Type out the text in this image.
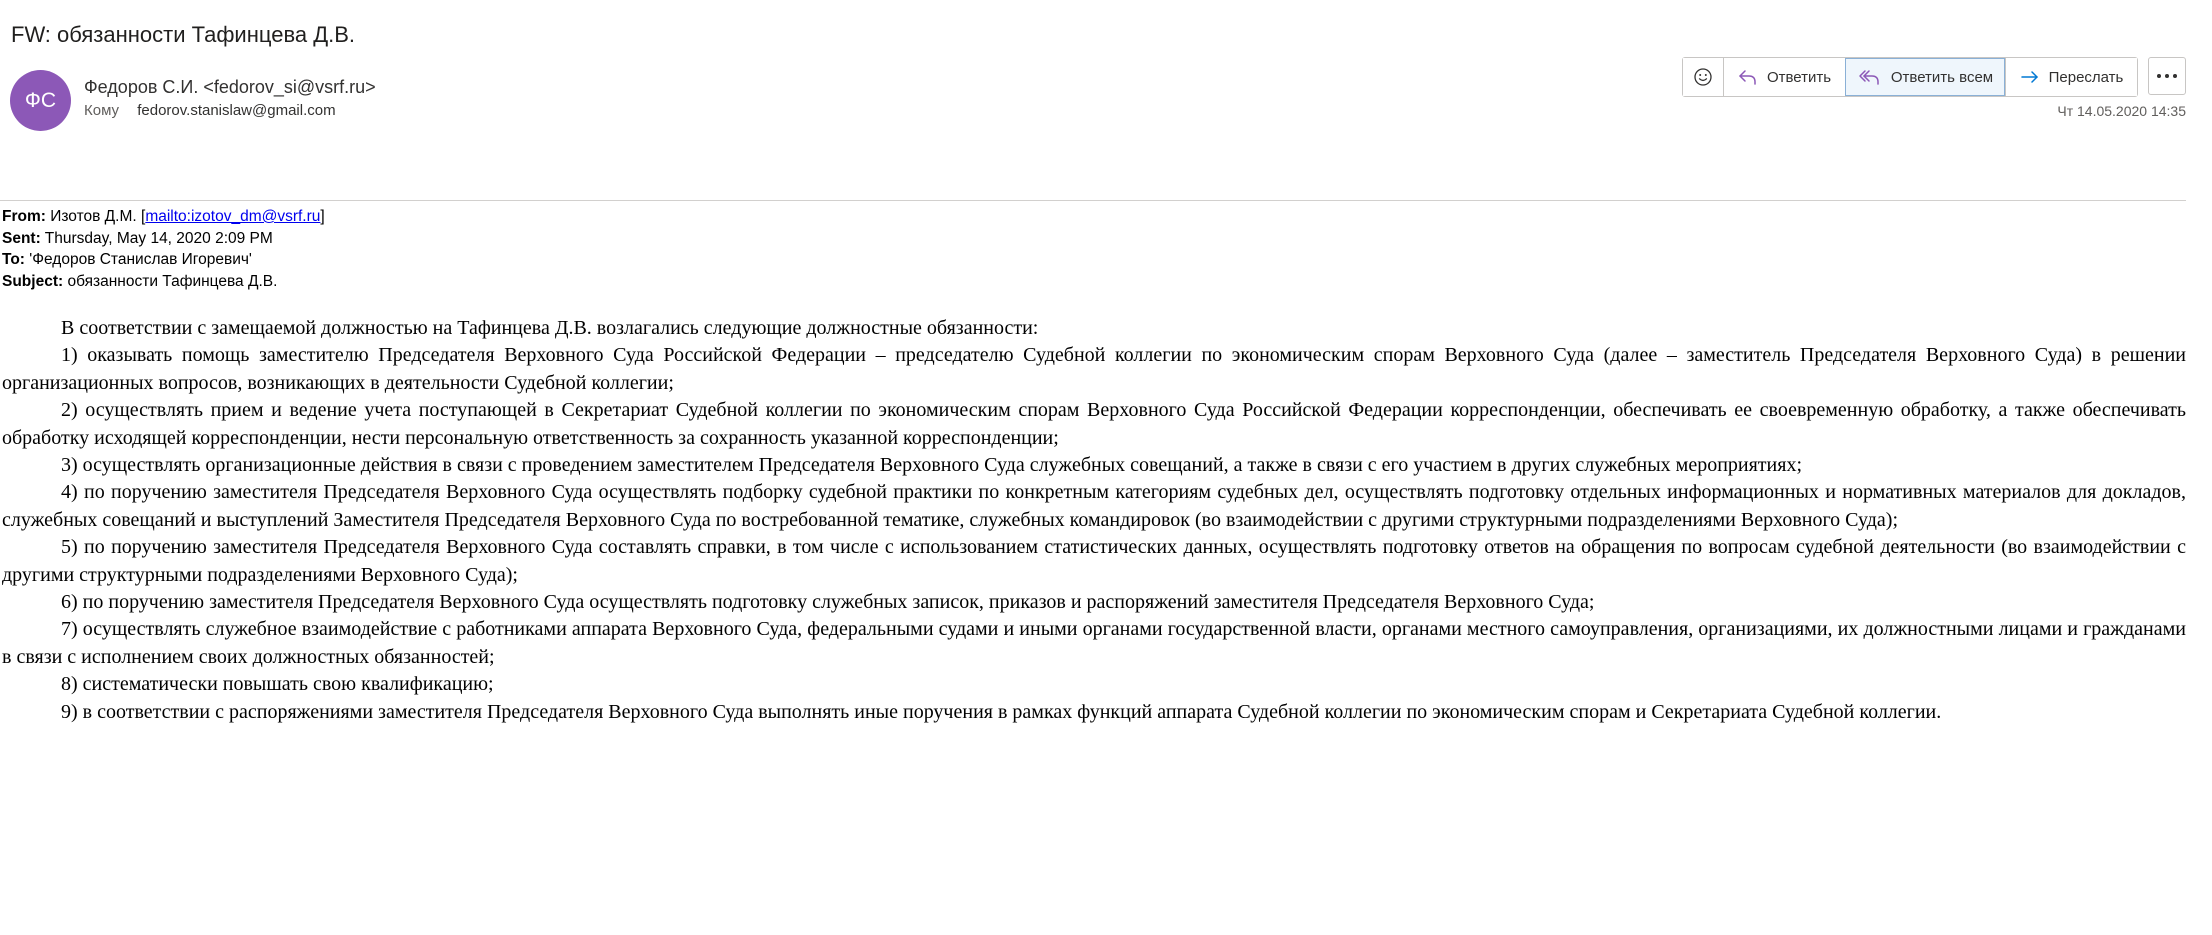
FW: обязанности Тафинцева Д.В.
ФС
Федоров С.И. <fedorov_si@vsrf.ru>
Кому fedorov.stanislaw@gmail.com
Ответить	Ответить всем	Переслать
Чт 14.05.2020 14:35
From: Изотов Д.М. [mailto:izotov_dm@vsrf.ru]
Sent: Thursday, May 14, 2020 2:09 PM
To: 'Федоров Станислав Игоревич'
Subject: обязанности Тафинцева Д.В.

В соответствии с замещаемой должностью на Тафинцева Д.В. возлагались следующие должностные обязанности:

1) оказывать помощь заместителю Председателя Верховного Суда Российской Федерации – председателю Судебной коллегии по экономическим спорам Верховного Суда (далее – заместитель Председателя Верховного Суда) в решении организационных вопросов, возникающих в деятельности Судебной коллегии;

2) осуществлять прием и ведение учета поступающей в Секретариат Судебной коллегии по экономическим спорам Верховного Суда Российской Федерации корреспонденции, обеспечивать ее своевременную обработку, а также обеспечивать обработку исходящей корреспонденции, нести персональную ответственность за сохранность указанной корреспонденции;

3) осуществлять организационные действия в связи с проведением заместителем Председателя Верховного Суда служебных совещаний, а также в связи с его участием в других служебных мероприятиях;

4) по поручению заместителя Председателя Верховного Суда осуществлять подборку судебной практики по конкретным категориям судебных дел, осуществлять подготовку отдельных информационных и нормативных материалов для докладов, служебных совещаний и выступлений Заместителя Председателя Верховного Суда по востребованной тематике, служебных командировок (во взаимодействии с другими структурными подразделениями Верховного Суда);

5) по поручению заместителя Председателя Верховного Суда составлять справки, в том числе с использованием статистических данных, осуществлять подготовку ответов на обращения по вопросам судебной деятельности (во взаимодействии с другими структурными подразделениями Верховного Суда);

6) по поручению заместителя Председателя Верховного Суда осуществлять подготовку служебных записок, приказов и распоряжений заместителя Председателя Верховного Суда;

7) осуществлять служебное взаимодействие с работниками аппарата Верховного Суда, федеральными судами и иными органами государственной власти, органами местного самоуправления, организациями, их должностными лицами и гражданами в связи с исполнением своих должностных обязанностей;

8) систематически повышать свою квалификацию;

9) в соответствии с распоряжениями заместителя Председателя Верховного Суда выполнять иные поручения в рамках функций аппарата Судебной коллегии по экономическим спорам и Секретариата Судебной коллегии.
